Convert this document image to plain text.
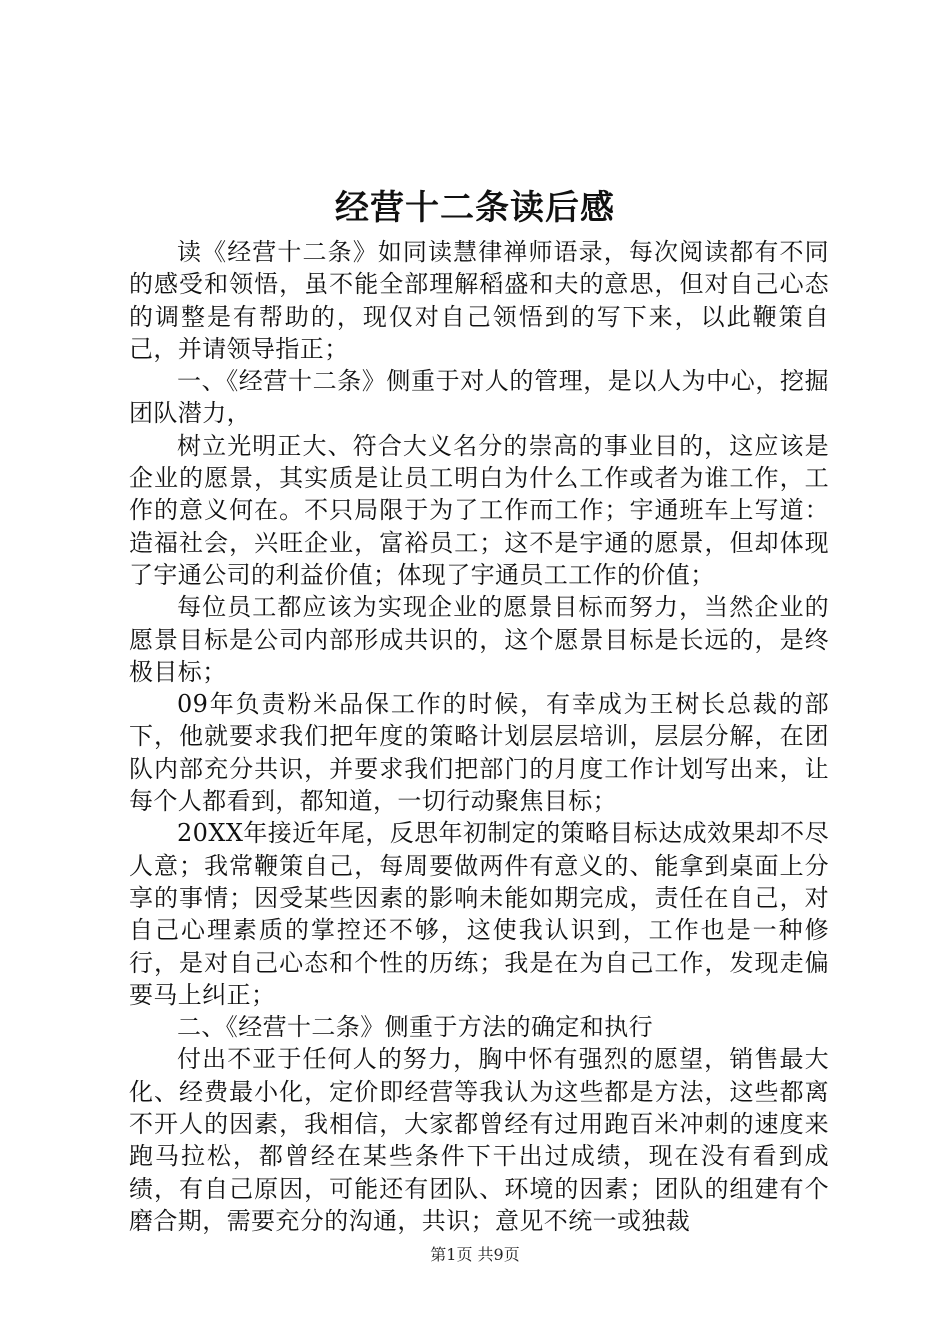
经营十二条读后感

读《经营十二条》如同读慧律禅师语录，每次阅读都有不同的感受和领悟，虽不能全部理解稻盛和夫的意思，但对自己心态的调整是有帮助的，现仅对自己领悟到的写下来，以此鞭策自己，并请领导指正；

一、《经营十二条》侧重于对人的管理，是以人为中心，挖掘团队潜力，

树立光明正大、符合大义名分的崇高的事业目的，这应该是企业的愿景，其实质是让员工明白为什么工作或者为谁工作，工作的意义何在。不只局限于为了工作而工作；宇通班车上写道：造福社会，兴旺企业，富裕员工；这不是宇通的愿景，但却体现了宇通公司的利益价值；体现了宇通员工工作的价值；

每位员工都应该为实现企业的愿景目标而努力，当然企业的愿景目标是公司内部形成共识的，这个愿景目标是长远的，是终极目标；

09年负责粉米品保工作的时候，有幸成为王树长总裁的部下，他就要求我们把年度的策略计划层层培训，层层分解，在团队内部充分共识，并要求我们把部门的月度工作计划写出来，让每个人都看到，都知道，一切行动聚焦目标；

20XX年接近年尾，反思年初制定的策略目标达成效果却不尽人意；我常鞭策自己，每周要做两件有意义的、能拿到桌面上分享的事情；因受某些因素的影响未能如期完成，责任在自己，对自己心理素质的掌控还不够，这使我认识到，工作也是一种修行，是对自己心态和个性的历练；我是在为自己工作，发现走偏要马上纠正；

二、《经营十二条》侧重于方法的确定和执行

付出不亚于任何人的努力，胸中怀有强烈的愿望，销售最大化、经费最小化，定价即经营等我认为这些都是方法，这些都离不开人的因素，我相信，大家都曾经有过用跑百米冲刺的速度来跑马拉松，都曾经在某些条件下干出过成绩，现在没有看到成绩，有自己原因，可能还有团队、环境的因素；团队的组建有个磨合期，需要充分的沟通，共识；意见不统一或独裁

第1页 共9页
